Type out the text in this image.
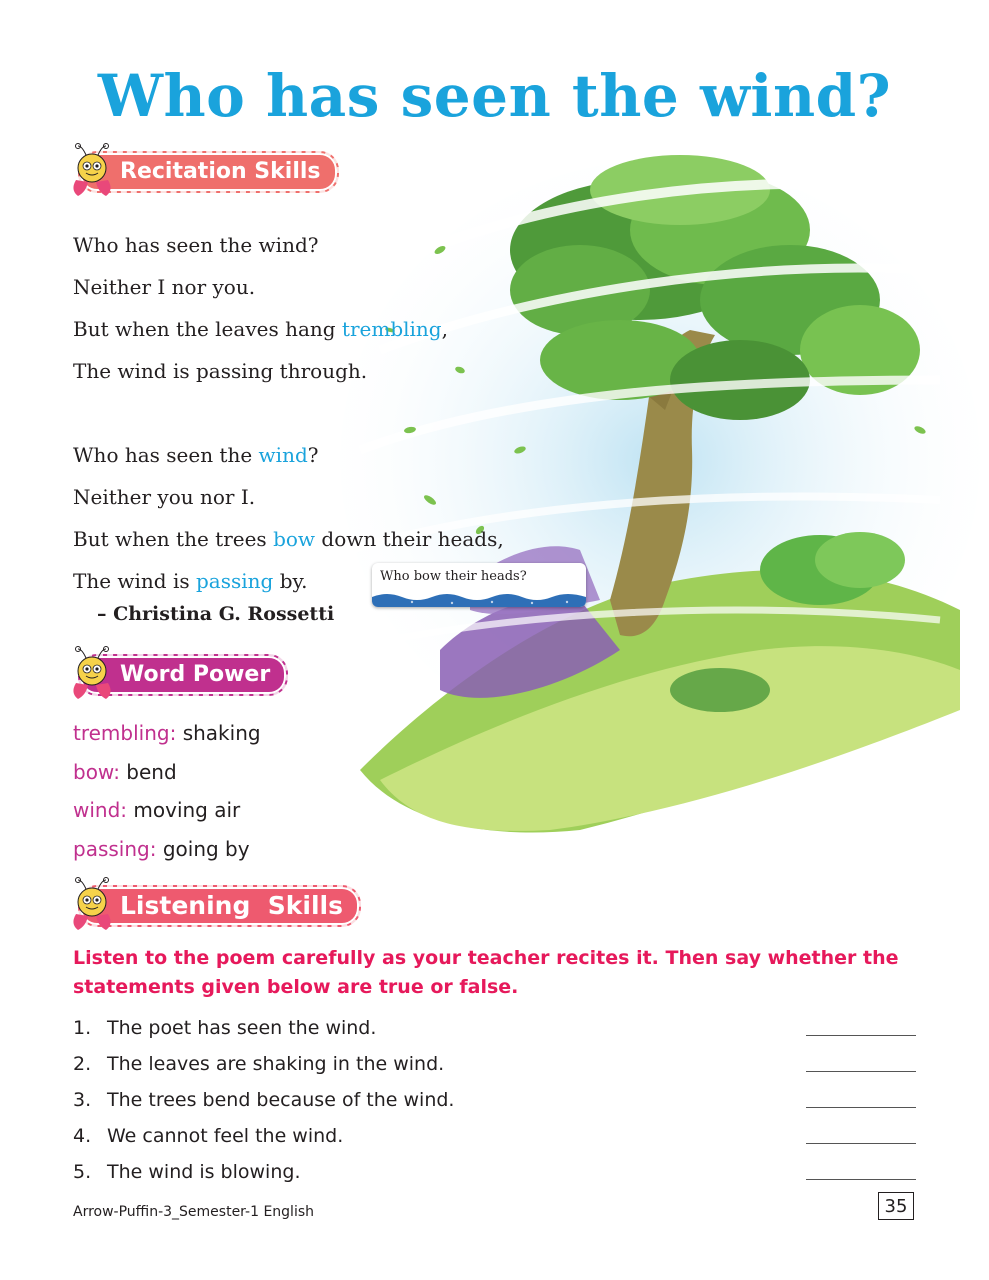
Who has seen the wind?
Recitation Skills

Who has seen the wind?

Neither I nor you.

But when the leaves hang trembling,

The wind is passing through.

Who has seen the wind?

Neither you nor I.

But when the trees bow down their heads,

The wind is passing by.

– Christina G. Rossetti
Who bow their heads?
Word Power
trembling: shaking
bow: bend
wind: moving air
passing: going by
Listening  Skills

Listen to the poem carefully as your teacher recites it. Then say whether the statements given below are true or false.

1. The poet has seen the wind.
2. The leaves are shaking in the wind.
3. The trees bend because of the wind.
4. We cannot feel the wind.
5. The wind is blowing.
Arrow-Puffin-3_Semester-1 English	35
